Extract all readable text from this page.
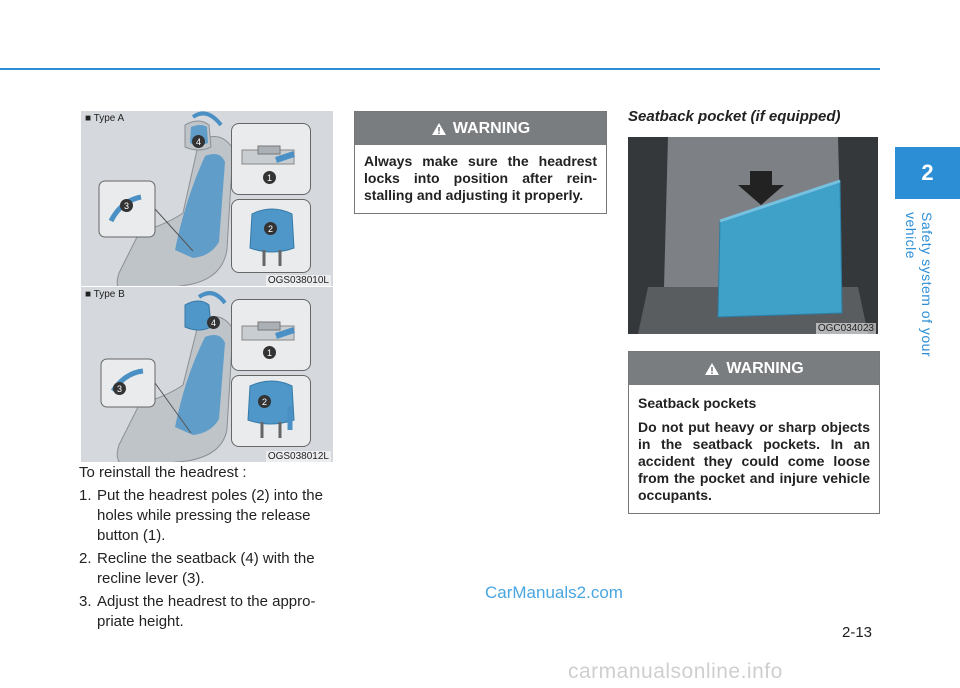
2
Safety system of your vehicle
■ Type A
OGS038010L
■ Type B
OGS038012L
4
1
3
2
4
1
3
2

To reinstall the headrest :

1. Put the headrest poles (2) into the holes while pressing the release button (1).
2. Recline the seatback (4) with the recline lever (3).
3. Adjust the headrest to the appro-priate height.
WARNING
Always make sure the headrest locks into position after rein-stalling and adjusting it properly.
Seatback pocket (if equipped)
OGC034023
WARNING
Seatback pockets
Do not put heavy or sharp objects in the seatback pockets. In an accident they could come loose from the pocket and injure vehicle occupants.
2-13
CarManuals2.com
carmanualsonline.info
